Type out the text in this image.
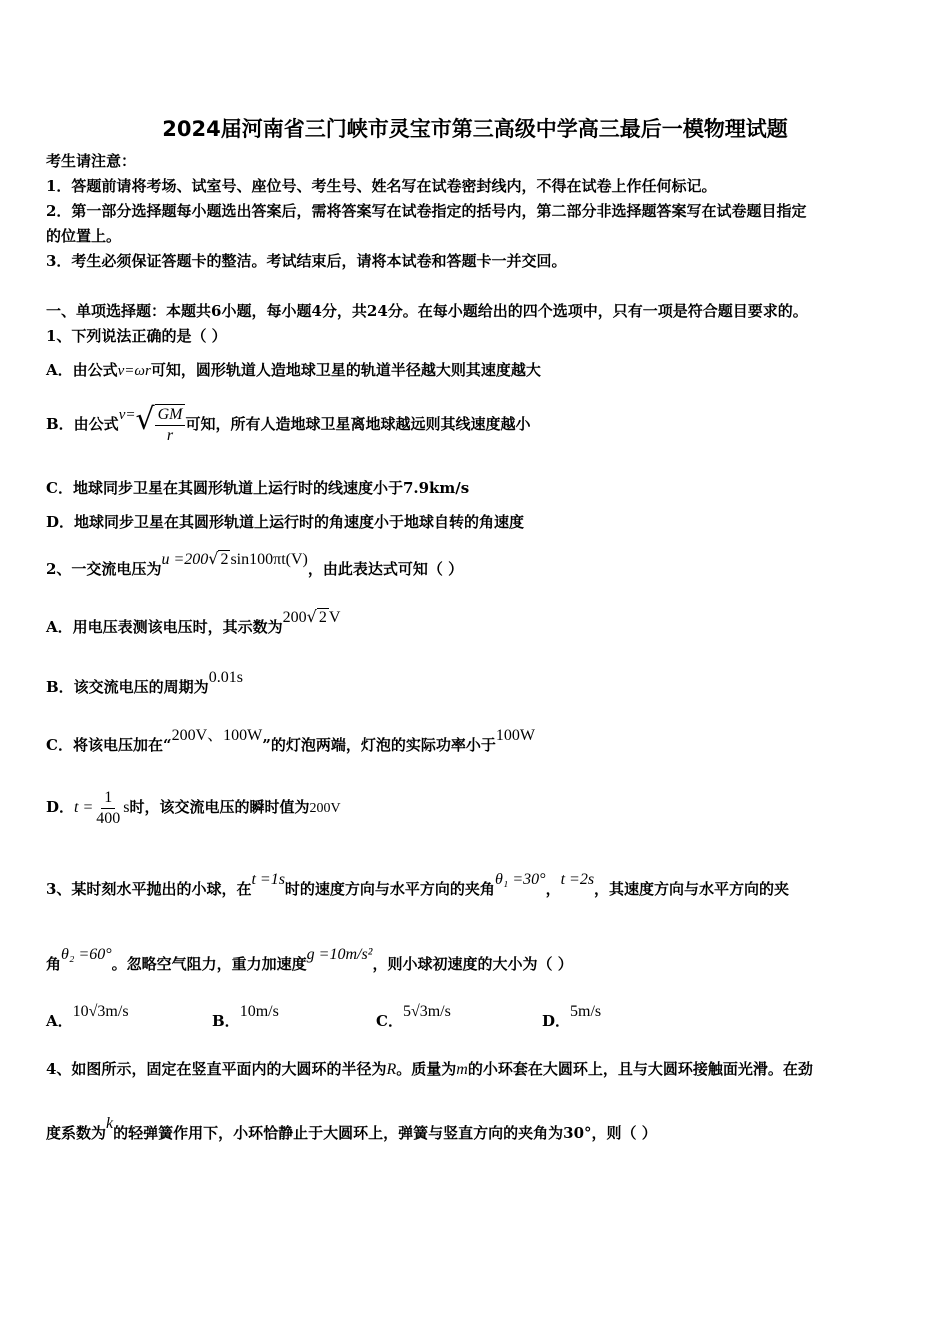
2024届河南省三门峡市灵宝市第三高级中学高三最后一模物理试题
考生请注意：
1．答题前请将考场、试室号、座位号、考生号、姓名写在试卷密封线内，不得在试卷上作任何标记。
2．第一部分选择题每小题选出答案后，需将答案写在试卷指定的括号内，第二部分非选择题答案写在试卷题目指定
的位置上。
3．考生必须保证答题卡的整洁。考试结束后，请将本试卷和答题卡一并交回。
一、单项选择题：本题共6小题，每小题4分，共24分。在每小题给出的四个选项中，只有一项是符合题目要求的。
1、下列说法正确的是（ ）
A．由公式v=ωr可知，圆形轨道人造地球卫星的轨道半径越大则其速度越大
B．由公式$v=√ \frac{GM}{r}$ 可知，所有人造地球卫星离地球越远则其线速度越小
C．地球同步卫星在其圆形轨道上运行时的线速度小于7.9km/s
D．地球同步卫星在其圆形轨道上运行时的角速度小于地球自转的角速度
2、一交流电压为u =200√ 2 sin100πt(V)，由此表达式可知（ ）
A．用电压表测该电压时，其示数为200√ 2 V
B．该交流电压的周期为0.01s
C．将该电压加在“200V、100W”的灯泡两端，灯泡的实际功率小于100W
D．$t = \frac{1}{400}$ s时，该交流电压的瞬时值为200V
3、某时刻水平抛出的小球，在t =1s时的速度方向与水平方向的夹角θ₁ =30°，t =2s，其速度方向与水平方向的夹
角θ₂ =60°。忽略空气阻力，重力加速度g =10m/s²，则小球初速度的大小为（ ）
A．10√3m/s
B．10m/s
C．5√3m/s
D．5m/s
4、如图所示，固定在竖直平面内的大圆环的半径为R。质量为m的小环套在大圆环上，且与大圆环接触面光滑。在劲
度系数为k的轻弹簧作用下，小环恰静止于大圆环上，弹簧与竖直方向的夹角为30°，则（ ）
